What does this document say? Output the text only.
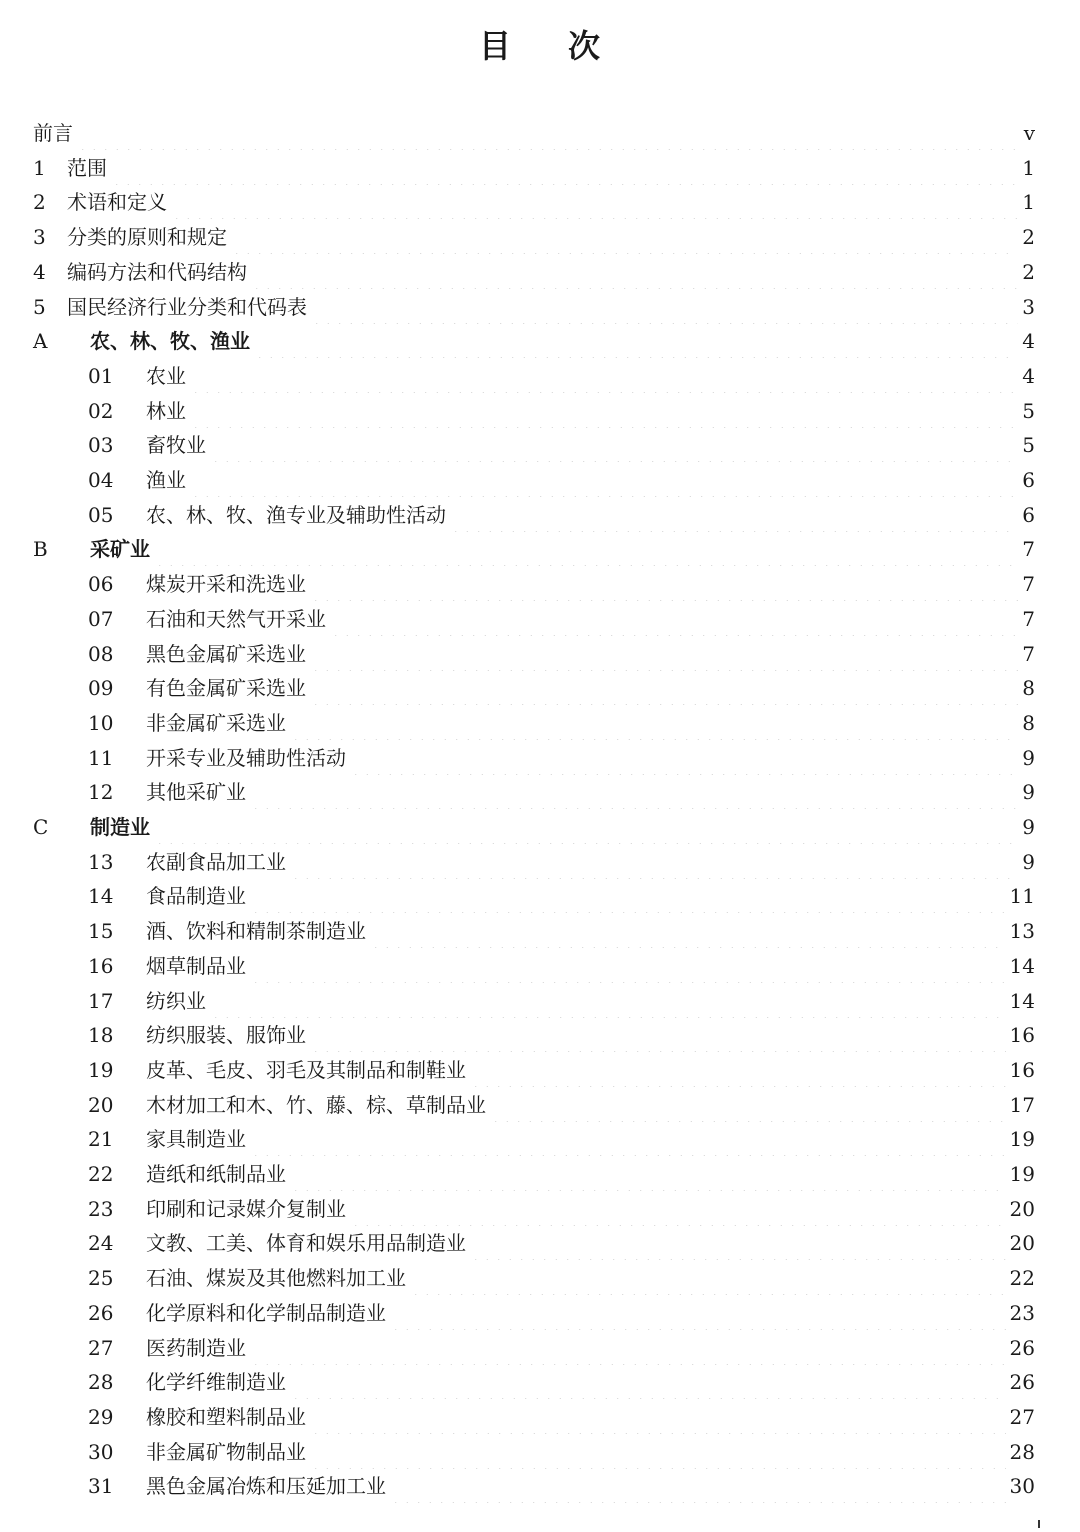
目 次
前言	v
1	范围	1
2	术语和定义	1
3	分类的原则和规定	2
4	编码方法和代码结构	2
5	国民经济行业分类和代码表	3
A	农、林、牧、渔业	4
01	农业	4
02	林业	5
03	畜牧业	5
04	渔业	6
05	农、林、牧、渔专业及辅助性活动	6
B	采矿业	7
06	煤炭开采和洗选业	7
07	石油和天然气开采业	7
08	黑色金属矿采选业	7
09	有色金属矿采选业	8
10	非金属矿采选业	8
11	开采专业及辅助性活动	9
12	其他采矿业	9
C	制造业	9
13	农副食品加工业	9
14	食品制造业	11
15	酒、饮料和精制茶制造业	13
16	烟草制品业	14
17	纺织业	14
18	纺织服装、服饰业	16
19	皮革、毛皮、羽毛及其制品和制鞋业	16
20	木材加工和木、竹、藤、棕、草制品业	17
21	家具制造业	19
22	造纸和纸制品业	19
23	印刷和记录媒介复制业	20
24	文教、工美、体育和娱乐用品制造业	20
25	石油、煤炭及其他燃料加工业	22
26	化学原料和化学制品制造业	23
27	医药制造业	26
28	化学纤维制造业	26
29	橡胶和塑料制品业	27
30	非金属矿物制品业	28
31	黑色金属冶炼和压延加工业	30
